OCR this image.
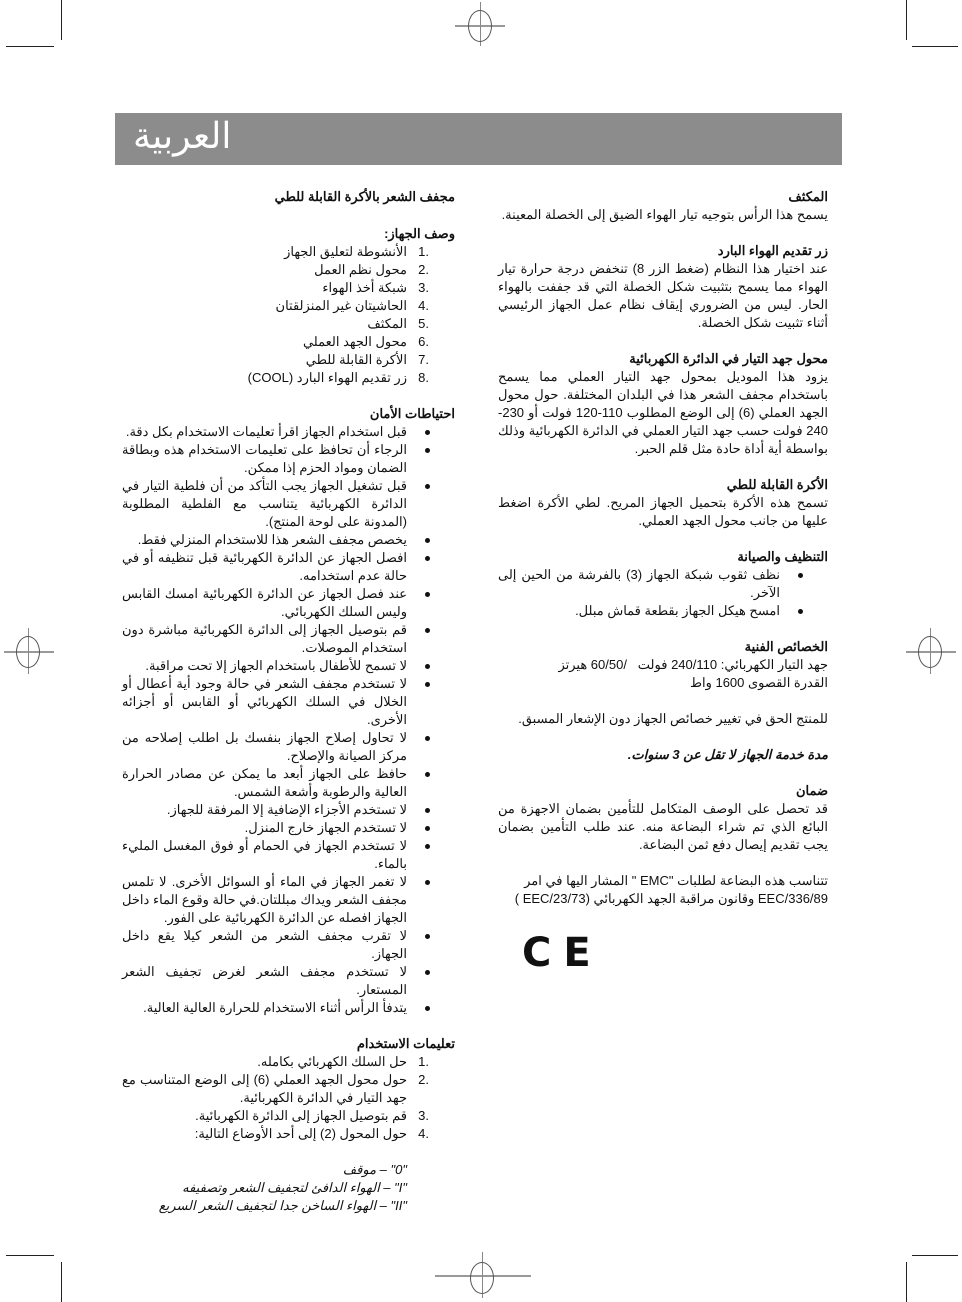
العربية
المكثف

يسمح هذا الرأس بتوجيه تيار الهواء الضيق إلى الخصلة المعينة.

زر تقديم الهواء البارد

عند اختيار هذا النظام (ضغط الزر 8) تنخفض درجة حرارة تيار الهواء مما يسمح بتثبيت شكل الخصلة التي قد جففت بالهواء الحار. ليس من الضروري إيقاف نظام عمل الجهاز الرئيسي أثناء تثبيت شكل الخصلة.

محول جهد التيار في الدائرة الكهربائية

يزود هذا الموديل بمحول جهد التيار العملي مما يسمح باستخدام مجفف الشعر هذا في البلدان المختلفة. حول محول الجهد العملي (6) إلى الوضع المطلوب 110-120 فولت أو 230-240 فولت حسب جهد التيار العملي في الدائرة الكهربائية وذلك بواسطة أية أداة حادة مثل قلم الحبر.

الأكرة القابلة للطي

تسمح هذه الأكرة بتحميل الجهاز المريح. لطي الأكرة اضغط عليها من جانب محول الجهد العملي.

التنظيف والصيانة
نظف ثقوب شبكة الجهاز (3) بالفرشة من الحين إلى الآخر.
امسح هيكل الجهاز بقطعة قماش مبلل.
الخصائص الفنية

جهد التيار الكهربائي: 240/110 فولت   /60/50 هيرتز

القدرة القصوى 1600 واط

للمنتج الحق في تغيير خصائص الجهاز دون الإشعار المسبق.

مدة خدمة الجهاز لا تقل عن 3 سنوات.

ضمان

قد تحصل على الوصف المتكامل للتأمين بضمان الاجهزة من البائع الذي تم شراء البضاعة منه. عند طلب التأمين بضمان يجب تقديم إيصال دفع ثمن البضاعة.

تتناسب هذه البضاعة لطلبات "EMC " المشار اليها في امر

EEC/336/89 وقانون مراقبة الجهد الكهربائي (EEC/23/73 )

C E
مجفف الشعر بالأكرة القابلة للطي
وصف الجهاز:
1.
الأنشوطة لتعليق الجهاز
2.
محول نظم العمل
3.
شبكة أخذ الهواء
4.
الحاشيتان غير المنزلقتان
5.
المكثف
6.
محول الجهد العملي
7.
الأكرة القابلة للطي
8.
زر تقديم الهواء البارد (COOL)
احتياطات الأمان
قبل استخدام الجهاز اقرأ تعليمات الاستخدام بكل دقة.
الرجاء أن تحافظ على تعليمات الاستخدام هذه وبطاقة الضمان ومواد الحزم إذا ممكن.
قبل تشغيل الجهاز يجب التأكد من أن فلطية التيار في الدائرة الكهربائية يتناسب مع الفلطية المطلوبة (المدونة على لوحة المنتج).
يخصص مجفف الشعر هذا للاستخدام المنزلي فقط.
افصل الجهاز عن الدائرة الكهربائية قبل تنظيفه أو في حالة عدم استخدامه.
عند فصل الجهاز عن الدائرة الكهربائية امسك القابس وليس السلك الكهربائي.
قم بتوصيل الجهاز إلى الدائرة الكهربائية مباشرة دون استخدام الموصلات.
لا تسمح للأطفال باستخدام الجهاز إلا تحت مراقبة.
لا تستخدم مجفف الشعر في حالة وجود أية أعطال أو الخلال في السلك الكهربائي أو القابس أو أجزائه الأخرى.
لا تحاول إصلاح الجهاز بنفسك بل اطلب إصلاحه من مركز الصيانة والإصلاح.
حافظ على الجهاز أبعد ما يمكن عن مصادر الحرارة العالية والرطوبة وأشعة الشمس.
لا تستخدم الأجزاء الإضافية إلا المرفقة للجهاز.
لا تستخدم الجهاز خارج المنزل.
لا تستخدم الجهاز في الحمام أو فوق المغسل المليء بالماء.
لا تغمر الجهاز في الماء أو السوائل الأخرى. لا تلمس مجفف الشعر ويداك مبللتان.في حالة وقوع الماء داخل الجهاز افصله عن الدائرة الكهربائية على الفور.
لا تقرب مجفف الشعر من الشعر كيلا يقع داخل الجهاز.
لا تستخدم مجفف الشعر لغرض تجفيف الشعر المستعار.
يتدفأ الرأس أثناء الاستخدام للحرارة العالية العالية.
تعليمات الاستخدام
1.
حل السلك الكهربائي بكامله.
2.
حول محول الجهد العملي (6) إلى الوضع المتناسب مع جهد التيار في الدائرة الكهربائية.
3.
قم بتوصيل الجهاز إلى الدائرة الكهربائية.
4.
حول المحول (2) إلى أحد الأوضاع التالية:

"0" – موقف

"I" – الهواء الدافئ لتجفيف الشعر وتصفيفه

"II" – الهواء الساخن جدا لتجفيف الشعر السريع
